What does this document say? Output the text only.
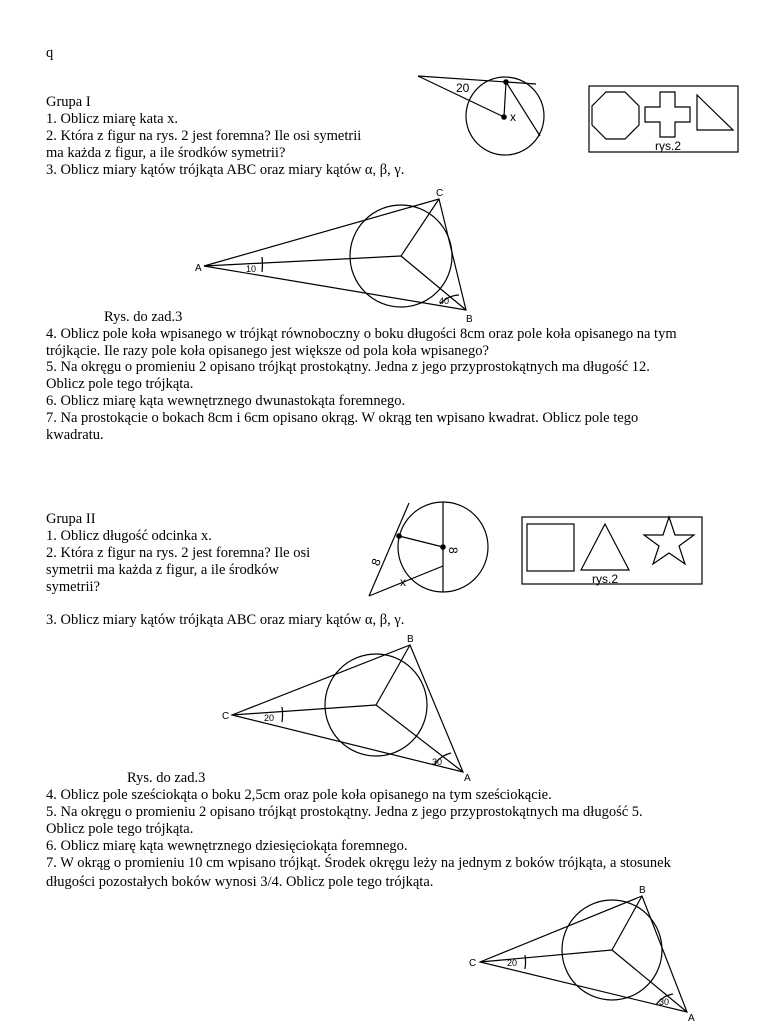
q
Grupa I
1. Oblicz miarę kata x.
2. Która z figur na rys. 2 jest foremna? Ile osi symetrii
ma każda z figur, a ile środków symetrii?
3. Oblicz miary kątów trójkąta ABC oraz miary kątów α, β, γ.
20
x
rys.2
A
C
B
10
40
Rys. do zad.3
4. Oblicz pole koła wpisanego w trójkąt równoboczny o boku długości 8cm oraz pole koła opisanego na tym
trójkącie. Ile razy pole koła opisanego jest większe od pola koła wpisanego?
5. Na okręgu o promieniu 2 opisano trójkąt prostokątny. Jedna z jego przyprostokątnych ma długość 12.
Oblicz pole tego trójkąta.
6. Oblicz miarę kąta wewnętrznego dwunastokąta foremnego.
7. Na prostokącie o bokach 8cm i 6cm opisano okrąg. W okrąg ten wpisano kwadrat. Oblicz pole tego
kwadratu.
Grupa II
1. Oblicz długość odcinka x.
2. Która z figur na rys. 2 jest foremna? Ile osi
symetrii ma każda z figur, a ile środków
symetrii?
3. Oblicz miary kątów trójkąta ABC oraz miary kątów α, β, γ.
8
8
x	rys.2
C
B
A
20
30
C
B
A
20
30
Rys. do zad.3
4. Oblicz pole sześciokąta o boku 2,5cm oraz pole koła opisanego na tym sześciokącie.
5. Na okręgu o promieniu 2 opisano trójkąt prostokątny. Jedna z jego przyprostokątnych ma długość 5.
Oblicz pole tego trójkąta.
6. Oblicz miarę kąta wewnętrznego dziesięciokąta foremnego.
7. W okrąg o promieniu 10 cm wpisano trójkąt. Środek okręgu leży na jednym z boków trójkąta, a stosunek
długości pozostałych boków wynosi 3/4. Oblicz pole tego trójkąta.
